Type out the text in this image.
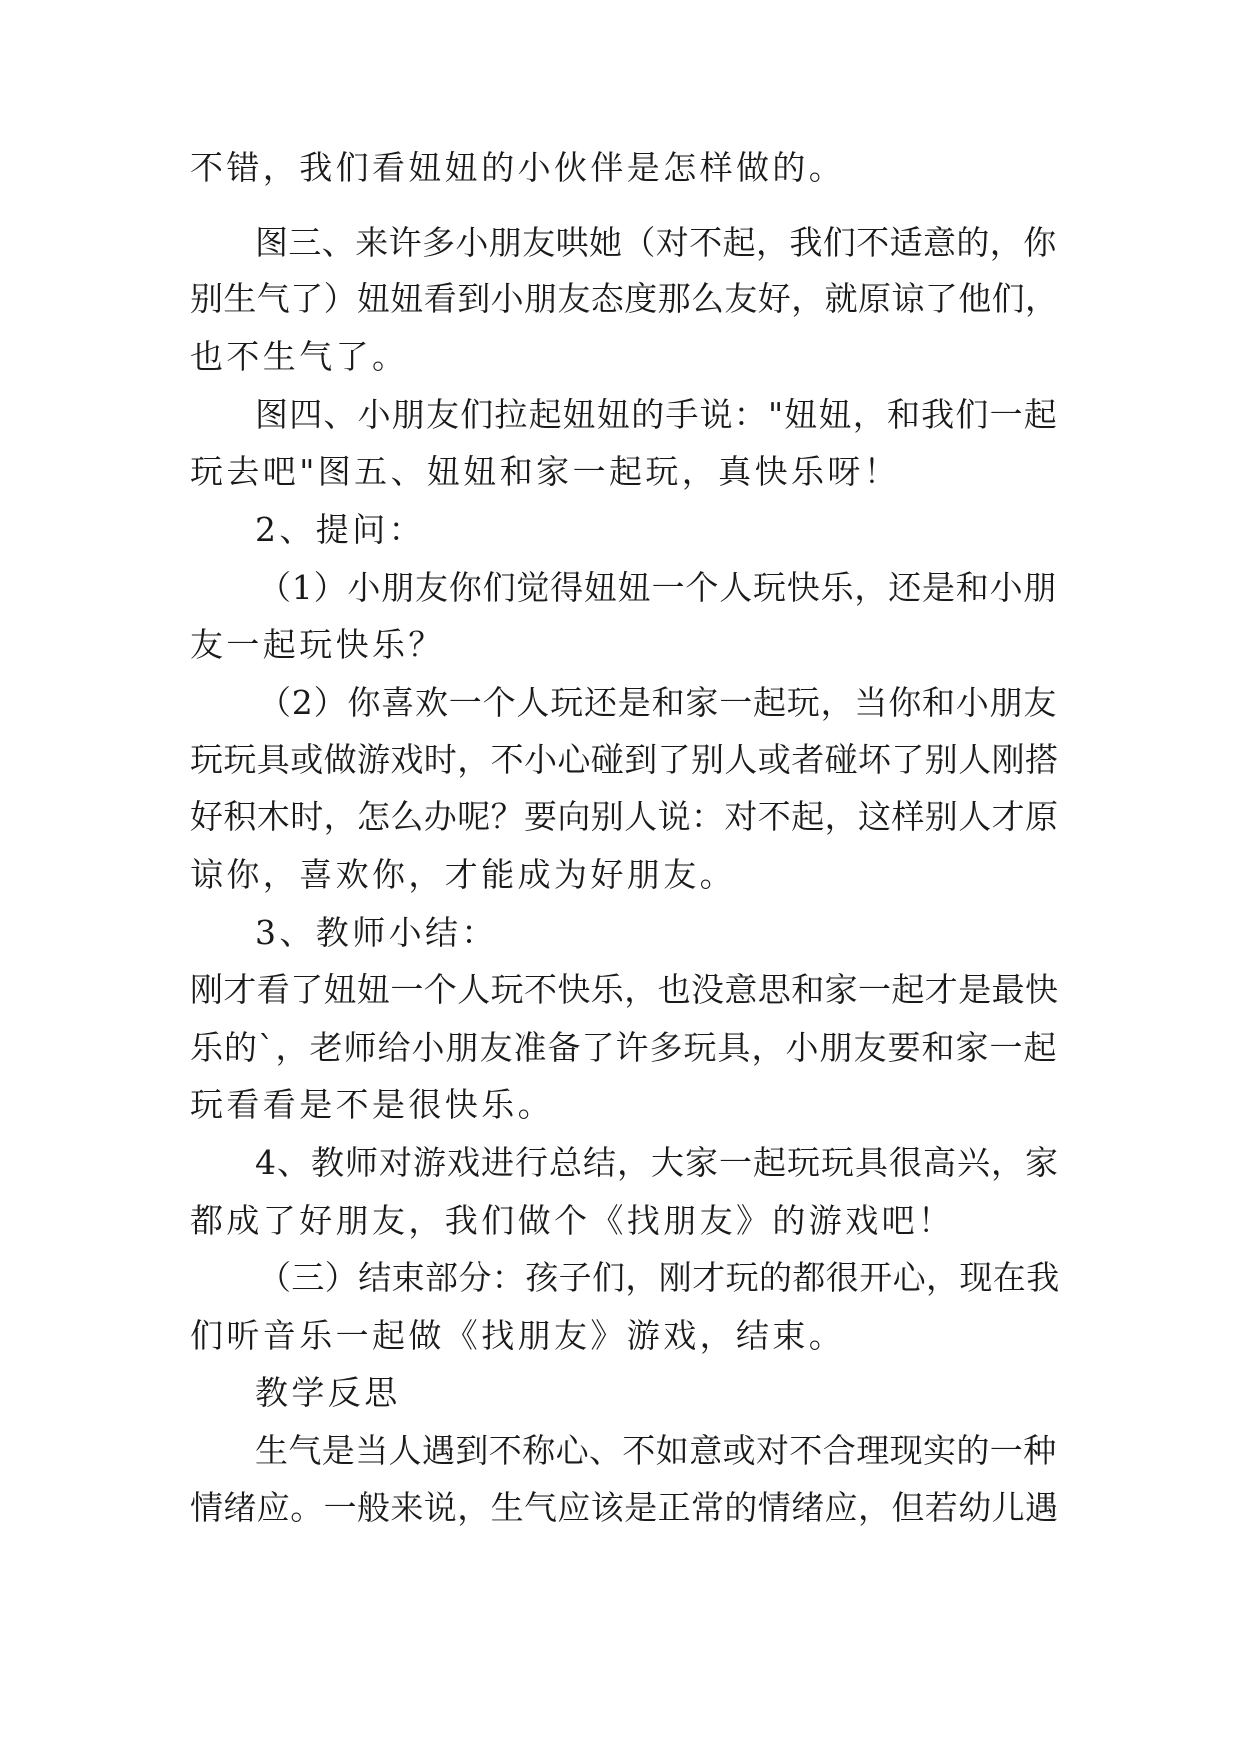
不错，我们看妞妞的小伙伴是怎样做的。
图三、来许多小朋友哄她（对不起，我们不适意的，你
别生气了）妞妞看到小朋友态度那么友好，就原谅了他们，
也不生气了。
图四、小朋友们拉起妞妞的手说："妞妞，和我们一起
玩去吧"图五、妞妞和家一起玩，真快乐呀！
2、提问：
（1）小朋友你们觉得妞妞一个人玩快乐，还是和小朋
友一起玩快乐？
（2）你喜欢一个人玩还是和家一起玩，当你和小朋友
玩玩具或做游戏时，不小心碰到了别人或者碰坏了别人刚搭
好积木时，怎么办呢？要向别人说：对不起，这样别人才原
谅你，喜欢你，才能成为好朋友。
3、教师小结：
刚才看了妞妞一个人玩不快乐，也没意思和家一起才是最快
乐的`，老师给小朋友准备了许多玩具，小朋友要和家一起
玩看看是不是很快乐。
4、教师对游戏进行总结，大家一起玩玩具很高兴，家
都成了好朋友，我们做个《找朋友》的游戏吧！
（三）结束部分：孩子们，刚才玩的都很开心，现在我
们听音乐一起做《找朋友》游戏，结束。
教学反思
生气是当人遇到不称心、不如意或对不合理现实的一种
情绪应。一般来说，生气应该是正常的情绪应，但若幼儿遇
